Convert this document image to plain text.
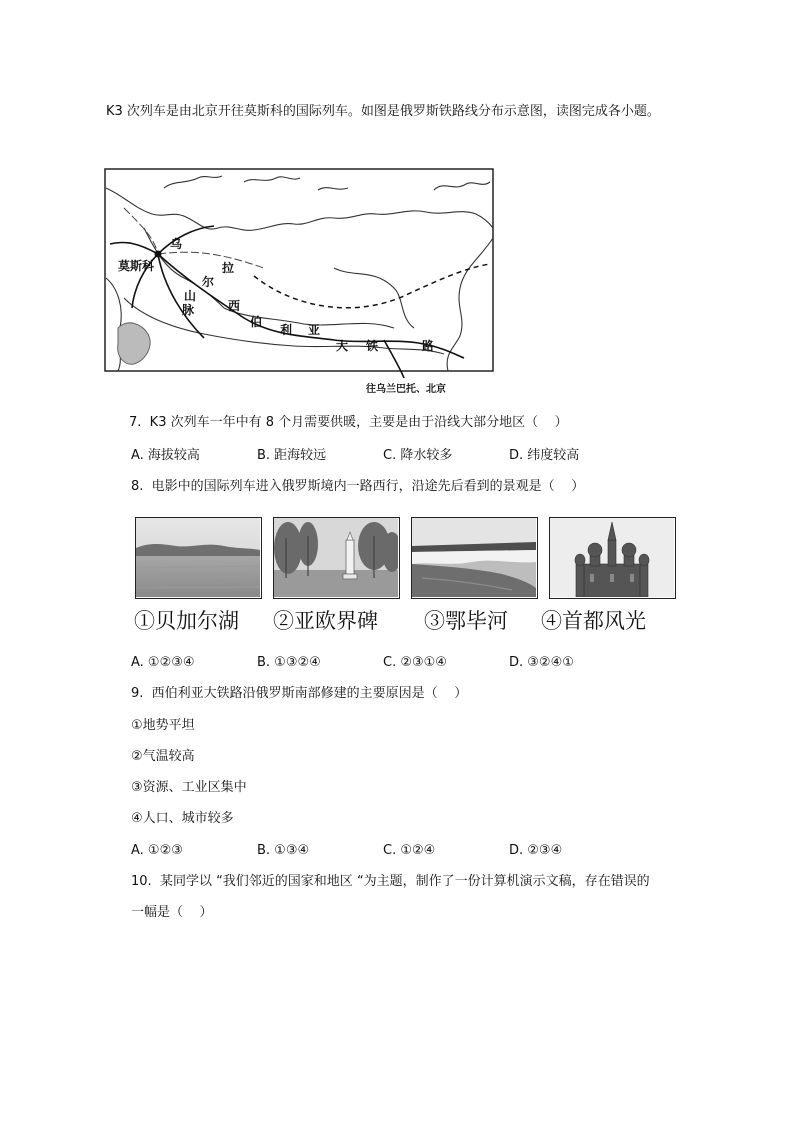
K3 次列车是由北京开往莫斯科的国际列车。如图是俄罗斯铁路线分布示意图，读图完成各小题。
莫斯科
乌
拉
尔
山
脉	西
伯
利 亚
大 铁	路
往乌兰巴托、北京
7.  K3 次列车一年中有 8 个月需要供暖，主要是由于沿线大部分地区（    ）
A. 海拔较高	B. 距海较远	C. 降水较多	D. 纬度较高
8.  电影中的国际列车进入俄罗斯境内一路西行，沿途先后看到的景观是（    ）
①贝加尔湖 ②亚欧界碑 ③鄂毕河 ④首都风光
A. ①②③④	B. ①③②④	C. ②③①④	D. ③②④①
9.  西伯利亚大铁路沿俄罗斯南部修建的主要原因是（    ）
①地势平坦
②气温较高
③资源、工业区集中
④人口、城市较多
A. ①②③	B. ①③④	C. ①②④	D. ②③④
10.  某同学以 “我们邻近的国家和地区 “为主题，制作了一份计算机演示文稿，存在错误的
一幅是（    ）
